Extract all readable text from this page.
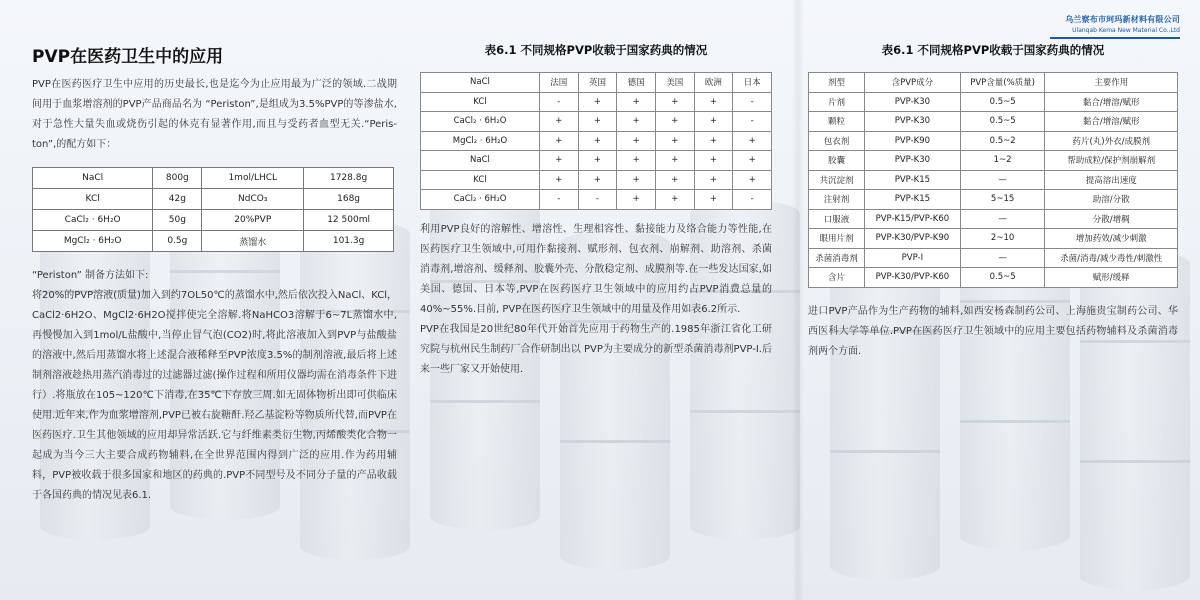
乌兰察布市珂玛新材料有限公司
Ulanqab Kema New Material Co.,Ltd
PVP在医药卫生中的应用

PVP在医药医疗卫生中应用的历史最长,也是迄今为止应用最为广泛的领域.二战期间用于血浆增溶剂的PVP产品商品名为 “Periston”,是组成为3.5%PVP的等渗盐水,对于急性大量失血或烧伤引起的休克有显著作用,而且与受药者血型无关.“Peris-ton”,的配方如下：

NaCl	800g	1mol/LHCL	1728.8g
KCl	42g	NdCO₃	168g
CaCl₂ · 6H₂O	50g	20%PVP	12 500ml
MgCl₂ · 6H₂O	0.5g	蒸馏水	101.3g
“Periston” 制备方法如下:

将20%的PVP溶液(质量)加入到约7OL50℃的蒸馏水中,然后依次投入NaCl、KCl，CaCl2·6H2O、MgCl2·6H2O搅拌使完全溶解.将NaHCO3溶解于6~7L蒸馏水中,再慢慢加入到1mol/L盐酸中,当停止冒气泡(CO2)时,将此溶液加入到PVP与盐酸盐的溶液中,然后用蒸馏水将上述混合液稀释至PVP浓度3.5%的制剂溶液,最后将上述制剂溶液趁热用蒸汽消毒过的过滤器过滤(操作过程和所用仪器均需在消毒条件下进行）.将瓶放在105~120℃下消毒,在35℃下存放三周.如无固体物析出即可供临床使用.近年来,作为血浆增溶剂,PVP已被右旋糖酐.羟乙基淀粉等物质所代替,而PVP在医药医疗.卫生其他领域的应用却异常活跃.它与纤维素类衍生物,丙烯酸类化合物一起成为当今三大主要合成药物辅料,在全世界范围内得到广泛的应用.作为药用辅料，PVP被收载于很多国家和地区的药典的.PVP不同型号及不同分子量的产品收载于各国药典的情况见表6.1.

表6.1 不同规格PVP收载于国家药典的情况
NaCl	法国	英国	德国	美国	欧洲	日本
KCl	-	+	+	+	+	-
CaCl₂ · 6H₂O	+	+	+	+	+	-
MgCl₂ · 6H₂O	+	+	+	+	+	+
NaCl	+	+	+	+	+	+
KCl	+	+	+	+	+	+
CaCl₂ · 6H₂O	-	-	+	+	+	-

利用PVP良好的溶解性、增溶性、生理相容性、黏接能力及络合能力等性能,在医药医疗卫生领域中,可用作黏接剂、赋形剂、包衣剂、崩解剂、助溶剂、杀菌消毒剂,增溶剂、缓释剂、胶囊外壳、分散稳定剂、成膜剂等.在一些发达国家,如美国、德国、日本等,PVP在医药医疗卫生领域中的应用约占PVP消费总量的40%~55%.目前, PVP在医药医疗卫生领域中的用量及作用如表6.2所示.

PVP在我国是20世纪80年代开始首先应用于药物生产的.1985年浙江省化工研究院与杭州民生制药厂合作研制出以 PVP为主要成分的新型杀菌消毒剂PVP-I.后来一些厂家又开始使用.

表6.1 不同规格PVP收载于国家药典的情况
剂型	含PVP成分	PVP含量(%质量)	主要作用
片剂	PVP-K30	0.5~5	黏合/增溶/赋形
颗粒	PVP-K30	0.5~5	黏合/增溶/赋形
包衣剂	PVP-K90	0.5~2	药片(丸)外衣/成膜剂
胶囊	PVP-K30	1~2	帮助成粒/保护剂崩解剂
共沉淀剂	PVP-K15	—	提高溶出速度
注射剂	PVP-K15	5~15	助溶/分散
口服液	PVP-K15/PVP-K60	—	分散/增稠
眼用片剂	PVP-K30/PVP-K90	2~10	增加药效/减少刺激
杀菌消毒剂	PVP-I	—	杀菌/消毒/减少毒性/刺激性
含片	PVP-K30/PVP-K60	0.5~5	赋形/缓释

进口PVP产品作为生产药物的辅料,如西安杨森制药公司、上海施贵宝制药公司、华西医科大学等单位.PVP在医药医疗卫生领域中的应用主要包括药物辅料及杀菌消毒剂两个方面.
